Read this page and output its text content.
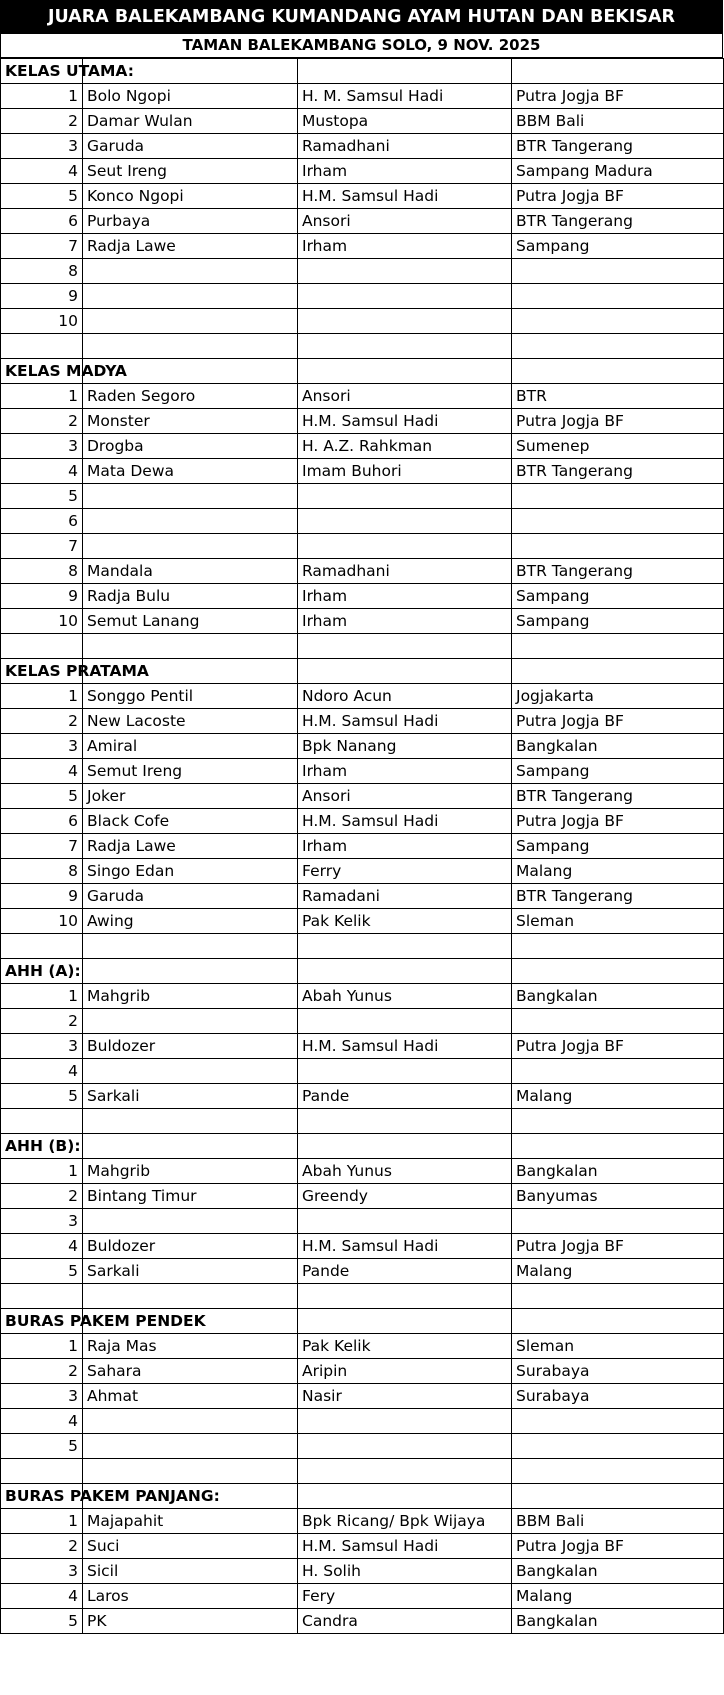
JUARA BALEKAMBANG KUMANDANG AYAM HUTAN DAN BEKISAR
TAMAN BALEKAMBANG SOLO, 9 NOV. 2025
KELAS UTAMA:			
1	Bolo Ngopi	H. M. Samsul Hadi	Putra Jogja BF
2	Damar Wulan	Mustopa	BBM Bali
3	Garuda	Ramadhani	BTR Tangerang
4	Seut Ireng	Irham	Sampang Madura
5	Konco Ngopi	H.M. Samsul Hadi	Putra Jogja BF
6	Purbaya	Ansori	BTR Tangerang
7	Radja Lawe	Irham	Sampang
8			
9			
10			

KELAS MADYA			
1	Raden Segoro	Ansori	BTR
2	Monster	H.M. Samsul Hadi	Putra Jogja BF
3	Drogba	H. A.Z. Rahkman	Sumenep
4	Mata Dewa	Imam Buhori	BTR Tangerang
5			
6			
7			
8	Mandala	Ramadhani	BTR Tangerang
9	Radja Bulu	Irham	Sampang
10	Semut Lanang	Irham	Sampang

KELAS PRATAMA			
1	Songgo Pentil	Ndoro Acun	Jogjakarta
2	New Lacoste	H.M. Samsul Hadi	Putra Jogja BF
3	Amiral	Bpk Nanang	Bangkalan
4	Semut Ireng	Irham	Sampang
5	Joker	Ansori	BTR Tangerang
6	Black Cofe	H.M. Samsul Hadi	Putra Jogja BF
7	Radja Lawe	Irham	Sampang
8	Singo Edan	Ferry	Malang
9	Garuda	Ramadani	BTR Tangerang
10	Awing	Pak Kelik	Sleman

AHH (A):			
1	Mahgrib	Abah Yunus	Bangkalan
2			
3	Buldozer	H.M. Samsul Hadi	Putra Jogja BF
4			
5	Sarkali	Pande	Malang

AHH (B):			
1	Mahgrib	Abah Yunus	Bangkalan
2	Bintang Timur	Greendy	Banyumas
3			
4	Buldozer	H.M. Samsul Hadi	Putra Jogja BF
5	Sarkali	Pande	Malang

BURAS PAKEM PENDEK			
1	Raja Mas	Pak Kelik	Sleman
2	Sahara	Aripin	Surabaya
3	Ahmat	Nasir	Surabaya
4			
5			

BURAS PAKEM PANJANG:			
1	Majapahit	Bpk Ricang/ Bpk Wijaya	BBM Bali
2	Suci	H.M. Samsul Hadi	Putra Jogja BF
3	Sicil	H. Solih	Bangkalan
4	Laros	Fery	Malang
5	PK	Candra	Bangkalan
